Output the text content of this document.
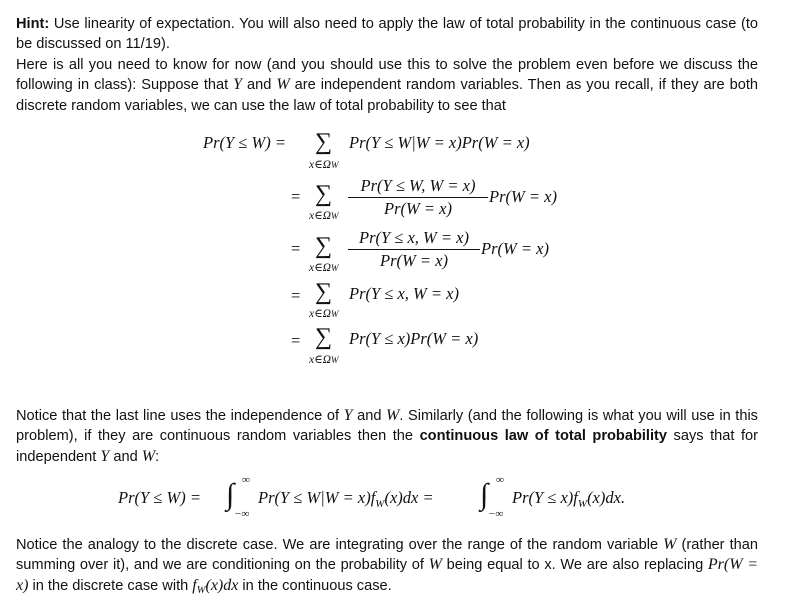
Hint: Use linearity of expectation. You will also need to apply the law of total probability in the continuous case (to be discussed on 11/19).
Here is all you need to know for now (and you should use this to solve the problem even before we discuss the following in class): Suppose that Y and W are independent random variables. Then as you recall, if they are both discrete random variables, we can use the law of total probability to see that
Pr(Y ≤ W) = ∑
x∈ΩW
Pr(Y ≤ W|W = x)Pr(W = x)
= ∑
x∈ΩW
Pr(Y ≤ W, W = x)
Pr(W = x)
Pr(W = x)
= ∑
x∈ΩW
Pr(Y ≤ x, W = x)
Pr(W = x)
Pr(W = x)
= ∑
x∈ΩW
Pr(Y ≤ x, W = x)
= ∑
x∈ΩW
Pr(Y ≤ x)Pr(W = x)
Notice that the last line uses the independence of Y and W. Similarly (and the following is what you will use in this problem), if they are continuous random variables then the continuous law of total probability says that for independent Y and W:
Pr(Y ≤ W) = ∫ ∞
−∞
$Pr(Y \le W|W = x)f_W(x)dx$ = ∫ ∞
−∞
$Pr(Y \le x)f_W(x)dx$.
Notice the analogy to the discrete case. We are integrating over the range of the random variable W (rather than summing over it), and we are conditioning on the probability of W being equal to x. We are also replacing Pr(W = x) in the discrete case with fW(x)dx in the continuous case.
